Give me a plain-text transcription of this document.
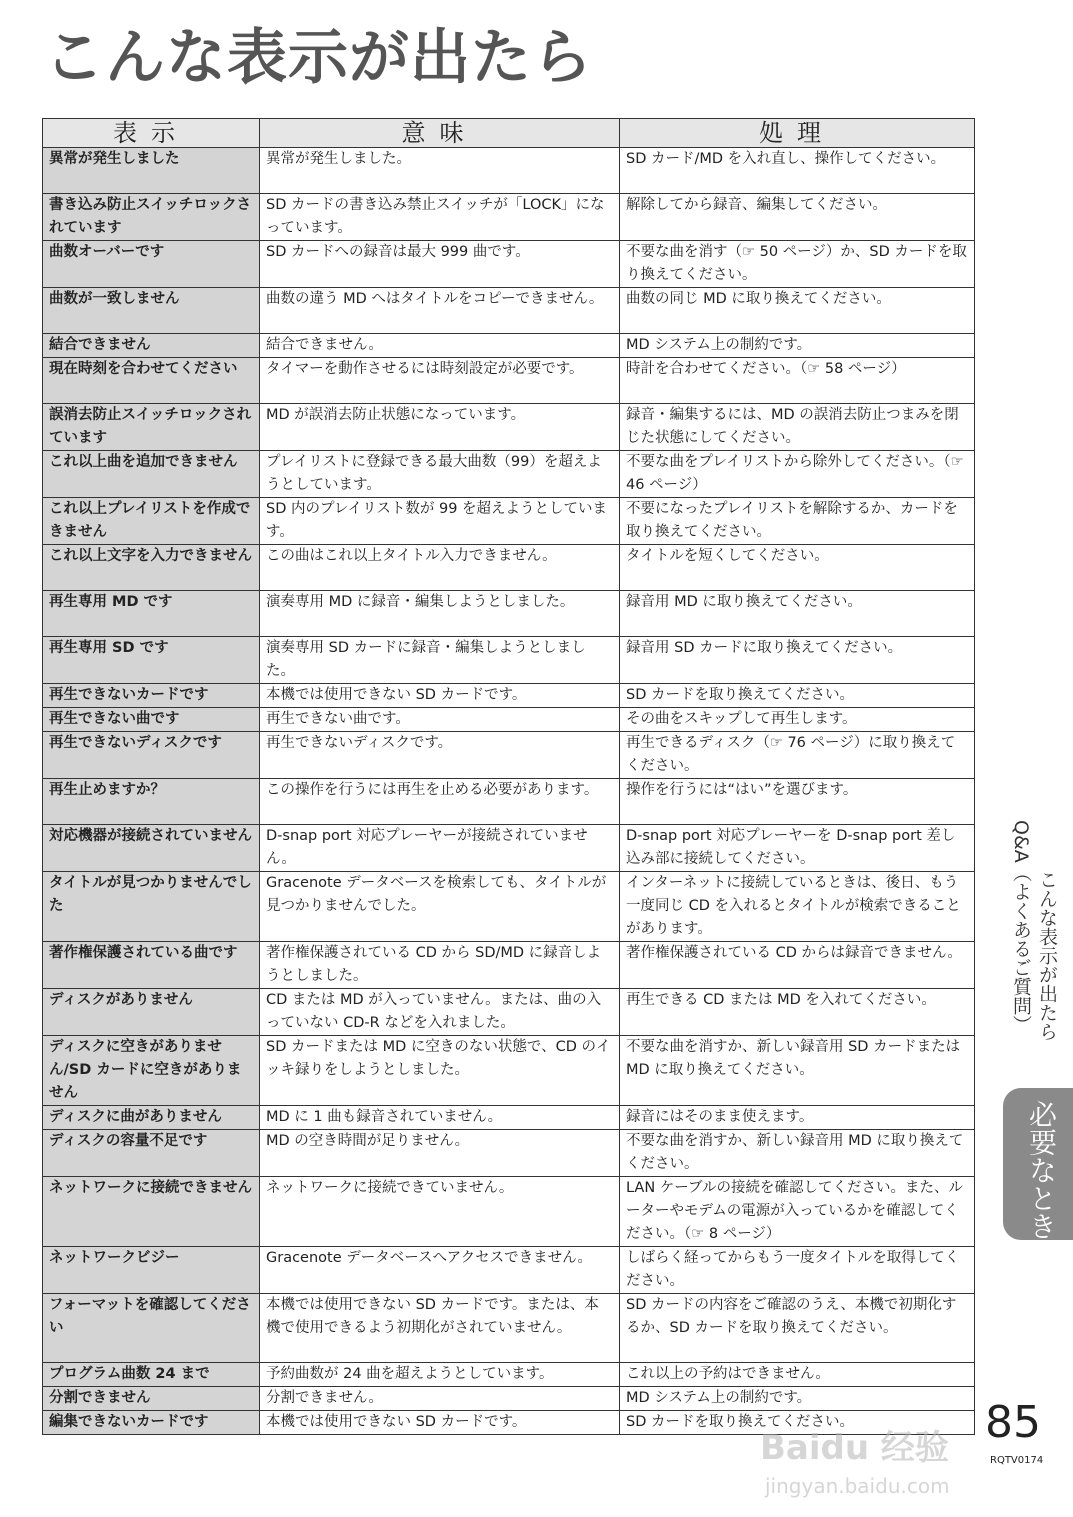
こんな表示が出たら
表示	意味	処理
異常が発生しました	異常が発生しました。	SD カード/MD を入れ直し、操作してください。
書き込み防止スイッチロックされています	SD カードの書き込み禁止スイッチが「LOCK」になっています。	解除してから録音、編集してください。
曲数オーバーです	SD カードへの録音は最大 999 曲です。	不要な曲を消す（☞ 50 ページ）か、SD カードを取り換えてください。
曲数が一致しません	曲数の違う MD へはタイトルをコピーできません。	曲数の同じ MD に取り換えてください。
結合できません	結合できません。	MD システム上の制約です。
現在時刻を合わせてください	タイマーを動作させるには時刻設定が必要です。	時計を合わせてください。（☞ 58 ページ）
誤消去防止スイッチロックされています	MD が誤消去防止状態になっています。	録音・編集するには、MD の誤消去防止つまみを閉じた状態にしてください。
これ以上曲を追加できません	プレイリストに登録できる最大曲数（99）を超えようとしています。	不要な曲をプレイリストから除外してください。（☞ 46 ページ）
これ以上プレイリストを作成できません	SD 内のプレイリスト数が 99 を超えようとしています。	不要になったプレイリストを解除するか、カードを取り換えてください。
これ以上文字を入力できません	この曲はこれ以上タイトル入力できません。	タイトルを短くしてください。
再生専用 MD です	演奏専用 MD に録音・編集しようとしました。	録音用 MD に取り換えてください。
再生専用 SD です	演奏専用 SD カードに録音・編集しようとしました。	録音用 SD カードに取り換えてください。
再生できないカードです	本機では使用できない SD カードです。	SD カードを取り換えてください。
再生できない曲です	再生できない曲です。	その曲をスキップして再生します。
再生できないディスクです	再生できないディスクです。	再生できるディスク（☞ 76 ページ）に取り換えてください。
再生止めますか？	この操作を行うには再生を止める必要があります。	操作を行うには“はい”を選びます。
対応機器が接続されていません	D-snap port 対応プレーヤーが接続されていません。	D-snap port 対応プレーヤーを D-snap port 差し込み部に接続してください。
タイトルが見つかりませんでした	Gracenote データベースを検索しても、タイトルが見つかりませんでした。	インターネットに接続しているときは、後日、もう一度同じ CD を入れるとタイトルが検索できることがあります。
著作権保護されている曲です	著作権保護されている CD から SD/MD に録音しようとしました。	著作権保護されている CD からは録音できません。
ディスクがありません	CD または MD が入っていません。または、曲の入っていない CD-R などを入れました。	再生できる CD または MD を入れてください。
ディスクに空きがありません/SD カードに空きがありません	SD カードまたは MD に空きのない状態で、CD のイッキ録りをしようとしました。	不要な曲を消すか、新しい録音用 SD カードまたは MD に取り換えてください。
ディスクに曲がありません	MD に 1 曲も録音されていません。	録音にはそのまま使えます。
ディスクの容量不足です	MD の空き時間が足りません。	不要な曲を消すか、新しい録音用 MD に取り換えてください。
ネットワークに接続できません	ネットワークに接続できていません。	LAN ケーブルの接続を確認してください。また、ルーターやモデムの電源が入っているかを確認してください。（☞ 8 ページ）
ネットワークビジー	Gracenote データベースへアクセスできません。	しばらく経ってからもう一度タイトルを取得してください。
フォーマットを確認してください	本機では使用できない SD カードです。または、本機で使用できるよう初期化がされていません。	SD カードの内容をご確認のうえ、本機で初期化するか、SD カードを取り換えてください。
プログラム曲数 24 まで	予約曲数が 24 曲を超えようとしています。	これ以上の予約はできません。
分割できません	分割できません。	MD システム上の制約です。
編集できないカードです	本機では使用できない SD カードです。	SD カードを取り換えてください。
Q&A（よくあるご質問） こんな表示が出たら
必要なとき
Baidu 经验
jingyan.baidu.com
85
RQTV0174
